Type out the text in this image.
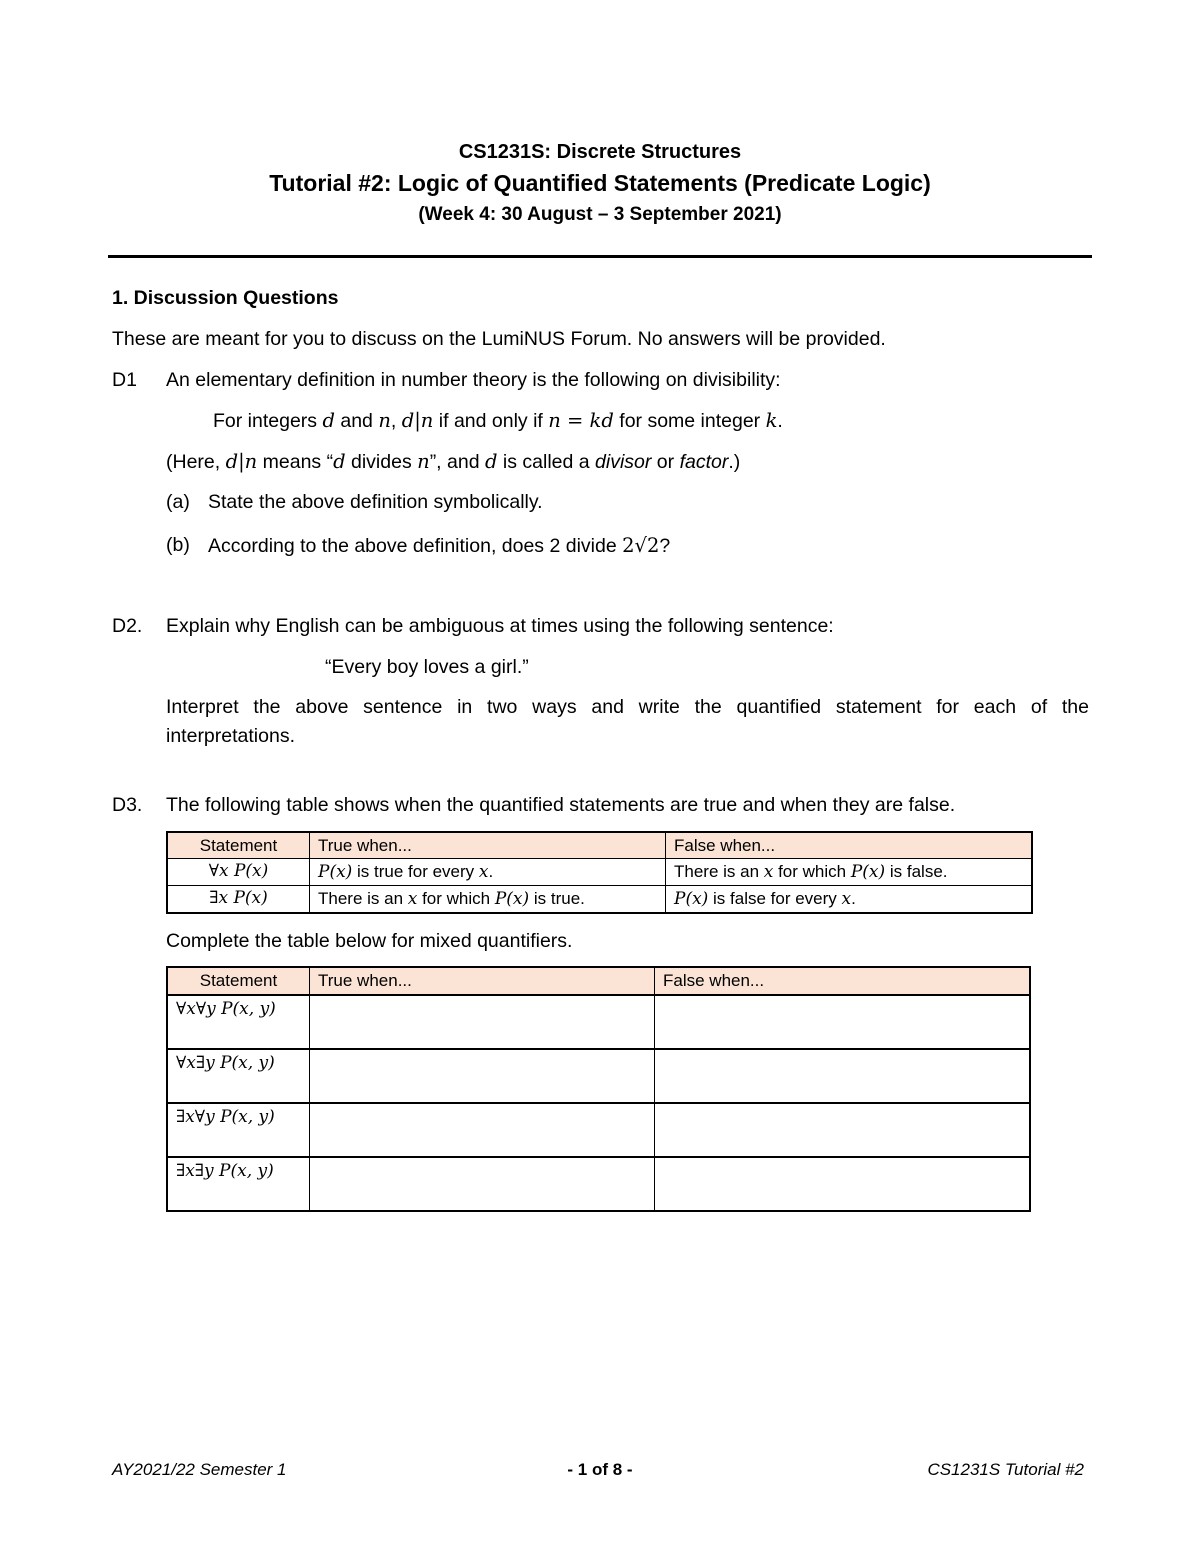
CS1231S: Discrete Structures
Tutorial #2: Logic of Quantified Statements (Predicate Logic)
(Week 4: 30 August – 3 September 2021)
1. Discussion Questions
These are meant for you to discuss on the LumiNUS Forum. No answers will be provided.
D1 An elementary definition in number theory is the following on divisibility:
For integers d and n, d|n if and only if n = kd for some integer k.
(Here, d|n means “d divides n”, and d is called a divisor or factor.)
(a) State the above definition symbolically.
(b) According to the above definition, does 2 divide 2√2?
D2. Explain why English can be ambiguous at times using the following sentence:
“Every boy loves a girl.”
Interpret the above sentence in two ways and write the quantified statement for each of the
interpretations.
D3. The following table shows when the quantified statements are true and when they are false.
Statement	True when...	False when...
∀x P(x)	P(x) is true for every x.	There is an x for which P(x) is false.
∃x P(x)	There is an x for which P(x) is true.	P(x) is false for every x.
Complete the table below for mixed quantifiers.
Statement	True when...	False when...
∀x∀y P(x, y)		
∀x∃y P(x, y)		
∃x∀y P(x, y)		
∃x∃y P(x, y)		
AY2021/22 Semester 1	- 1 of 8 -	CS1231S Tutorial #2
